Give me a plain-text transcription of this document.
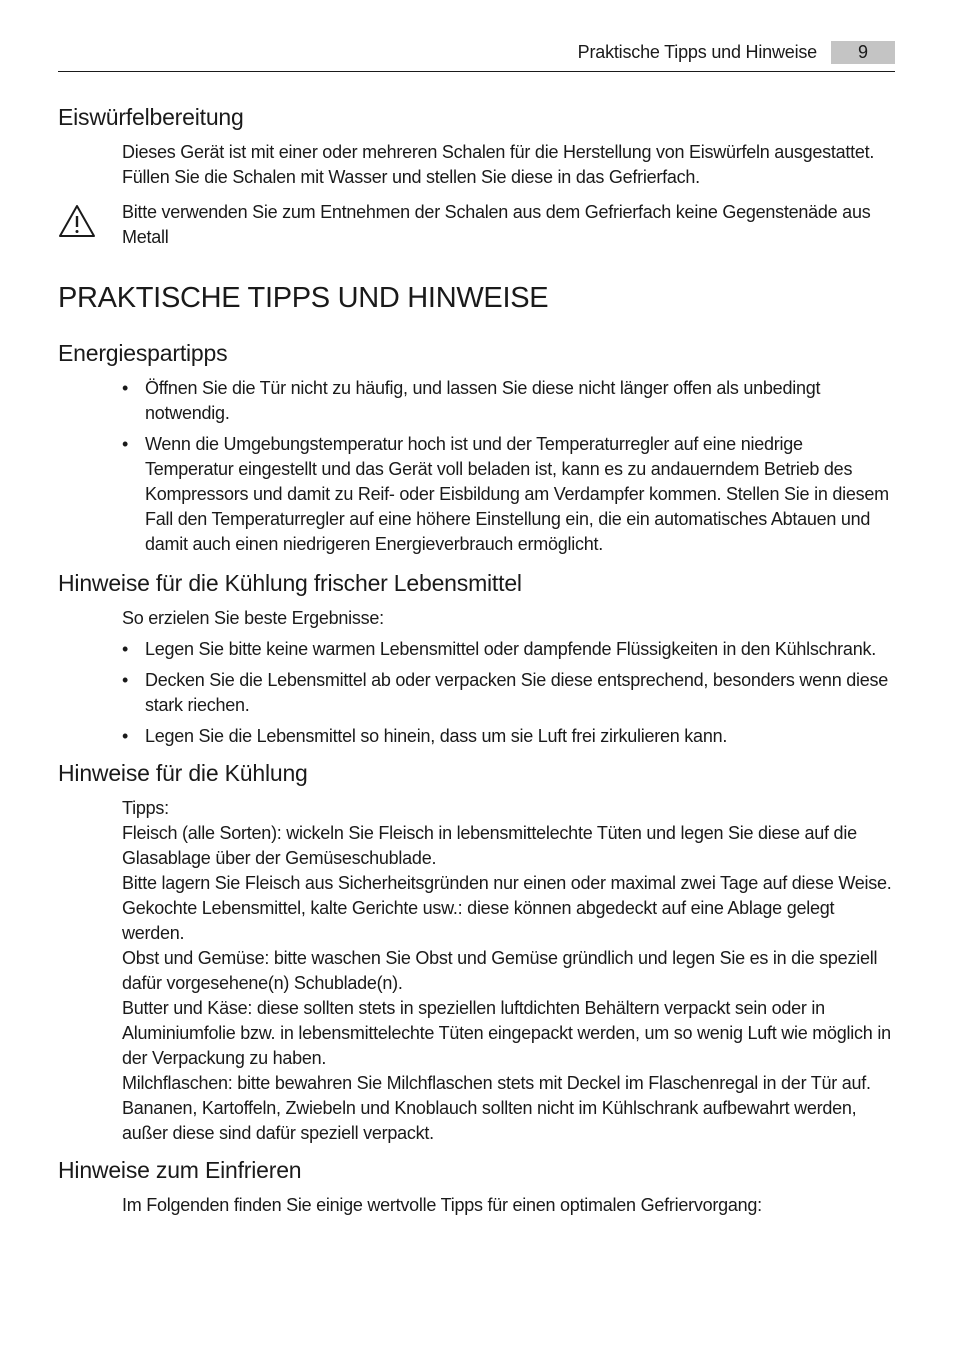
Praktische Tipps und Hinweise	9
Eiswürfelbereitung

Dieses Gerät ist mit einer oder mehreren Schalen für die Herstellung von Eiswürfeln ausgestattet. Füllen Sie die Schalen mit Wasser und stellen Sie diese in das Gefrierfach.

Bitte verwenden Sie zum Entnehmen der Schalen aus dem Gefrierfach keine Gegenstenäde aus Metall

PRAKTISCHE TIPPS UND HINWEISE
Energiespartipps
• Öffnen Sie die Tür nicht zu häufig, und lassen Sie diese nicht länger offen als unbedingt notwendig.
• Wenn die Umgebungstemperatur hoch ist und der Temperaturregler auf eine niedrige Temperatur eingestellt und das Gerät voll beladen ist, kann es zu andauerndem Betrieb des Kompressors und damit zu Reif- oder Eisbildung am Verdampfer kommen. Stellen Sie in diesem Fall den Temperaturregler auf eine höhere Einstellung ein, die ein automatisches Abtauen und damit auch einen niedrigeren Energieverbrauch ermöglicht.
Hinweise für die Kühlung frischer Lebensmittel

So erzielen Sie beste Ergebnisse:

• Legen Sie bitte keine warmen Lebensmittel oder dampfende Flüssigkeiten in den Kühlschrank.
• Decken Sie die Lebensmittel ab oder verpacken Sie diese entsprechend, besonders wenn diese stark riechen.
• Legen Sie die Lebensmittel so hinein, dass um sie Luft frei zirkulieren kann.
Hinweise für die Kühlung

Tipps:

Fleisch (alle Sorten): wickeln Sie Fleisch in lebensmittelechte Tüten und legen Sie diese auf die Glasablage über der Gemüseschublade.

Bitte lagern Sie Fleisch aus Sicherheitsgründen nur einen oder maximal zwei Tage auf diese Weise.

Gekochte Lebensmittel, kalte Gerichte usw.: diese können abgedeckt auf eine Ablage gelegt werden.

Obst und Gemüse: bitte waschen Sie Obst und Gemüse gründlich und legen Sie es in die speziell dafür vorgesehene(n) Schublade(n).

Butter und Käse: diese sollten stets in speziellen luftdichten Behältern verpackt sein oder in Aluminiumfolie bzw. in lebensmittelechte Tüten eingepackt werden, um so wenig Luft wie möglich in der Verpackung zu haben.

Milchflaschen: bitte bewahren Sie Milchflaschen stets mit Deckel im Flaschenregal in der Tür auf.

Bananen, Kartoffeln, Zwiebeln und Knoblauch sollten nicht im Kühlschrank aufbewahrt werden, außer diese sind dafür speziell verpackt.

Hinweise zum Einfrieren

Im Folgenden finden Sie einige wertvolle Tipps für einen optimalen Gefriervorgang:
